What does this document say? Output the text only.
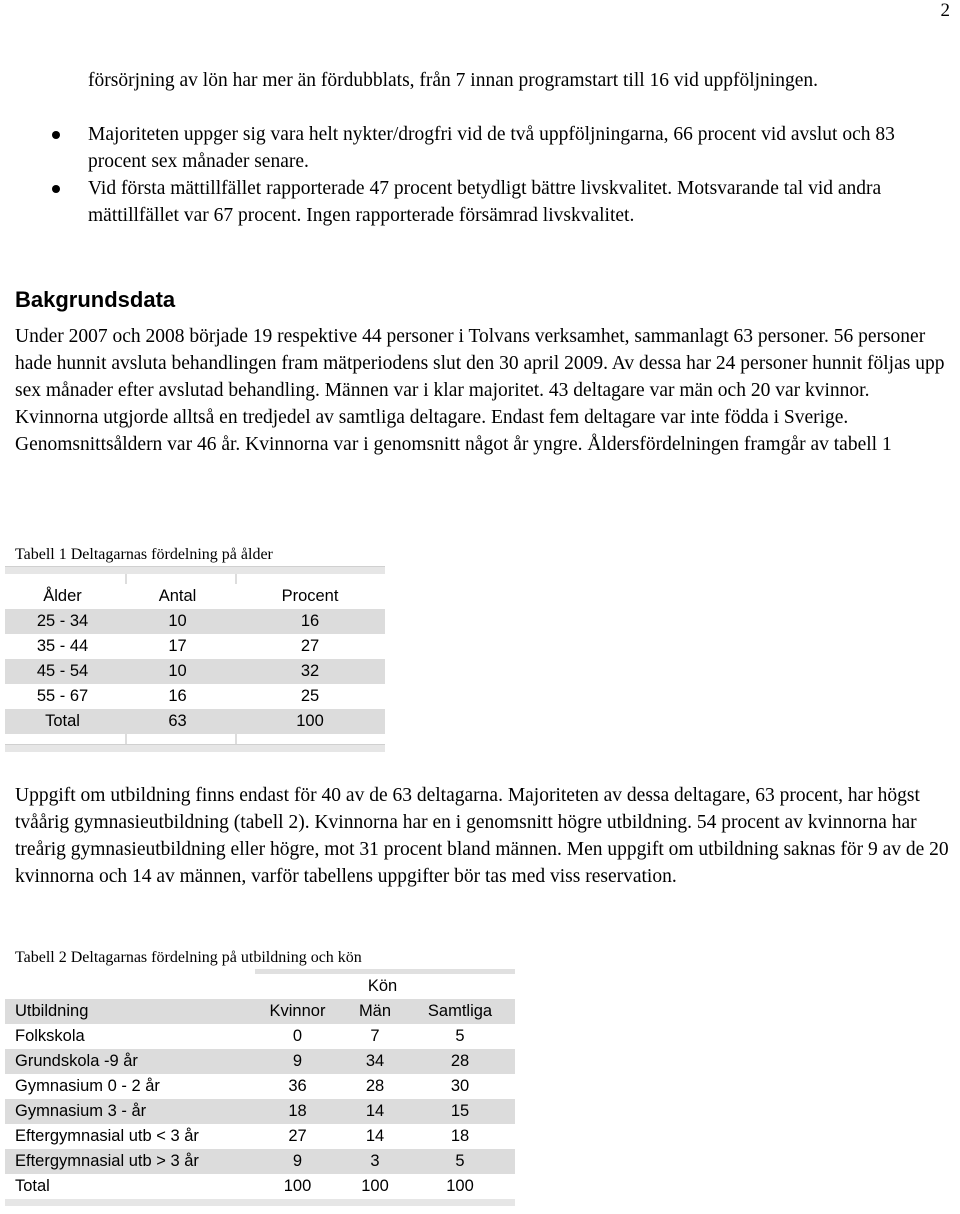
2

försörjning av lön har mer än fördubblats, från 7 innan programstart till 16 vid uppföljningen.

Majoriteten uppger sig vara helt nykter/drogfri vid de två uppföljningarna, 66 procent vid avslut och 83 procent sex månader senare.
Vid första mättillfället rapporterade 47 procent betydligt bättre livskvalitet. Motsvarande tal vid andra mättillfället var 67 procent. Ingen rapporterade försämrad livskvalitet.
Bakgrundsdata

Under 2007 och 2008 började 19 respektive 44 personer i Tolvans verksamhet, sammanlagt 63 personer. 56 personer hade hunnit avsluta behandlingen fram mätperiodens slut den 30 april 2009. Av dessa har 24 personer hunnit följas upp sex månader efter avslutad behandling. Männen var i klar majoritet. 43 deltagare var män och 20 var kvinnor. Kvinnorna utgjorde alltså en tredjedel av samtliga deltagare. Endast fem deltagare var inte födda i Sverige. Genomsnittsåldern var 46 år. Kvinnorna var i genomsnitt något år yngre. Åldersfördelningen framgår av tabell 1

Tabell 1 Deltagarnas fördelning på ålder

Ålder	Antal	Procent
25 - 34	10	16
35 - 44	17	27
45 - 54	10	32
55 - 67	16	25
Total	63	100

Uppgift om utbildning finns endast för 40 av de 63 deltagarna. Majoriteten av dessa deltagare, 63 procent, har högst tvåårig gymnasieutbildning (tabell 2). Kvinnorna har en i genomsnitt högre utbildning. 54 procent av kvinnorna har treårig gymnasieutbildning eller högre, mot 31 procent bland männen. Men uppgift om utbildning saknas för 9 av de 20 kvinnorna och 14 av männen, varför tabellens uppgifter bör tas med viss reservation.

Tabell 2 Deltagarnas fördelning på utbildning och kön

Kön
Utbildning	Kvinnor	Män	Samtliga
Folkskola	0	7	5
Grundskola -9 år	9	34	28
Gymnasium 0 - 2 år	36	28	30
Gymnasium 3 - år	18	14	15
Eftergymnasial utb < 3 år	27	14	18
Eftergymnasial utb > 3 år	9	3	5
Total	100	100	100
